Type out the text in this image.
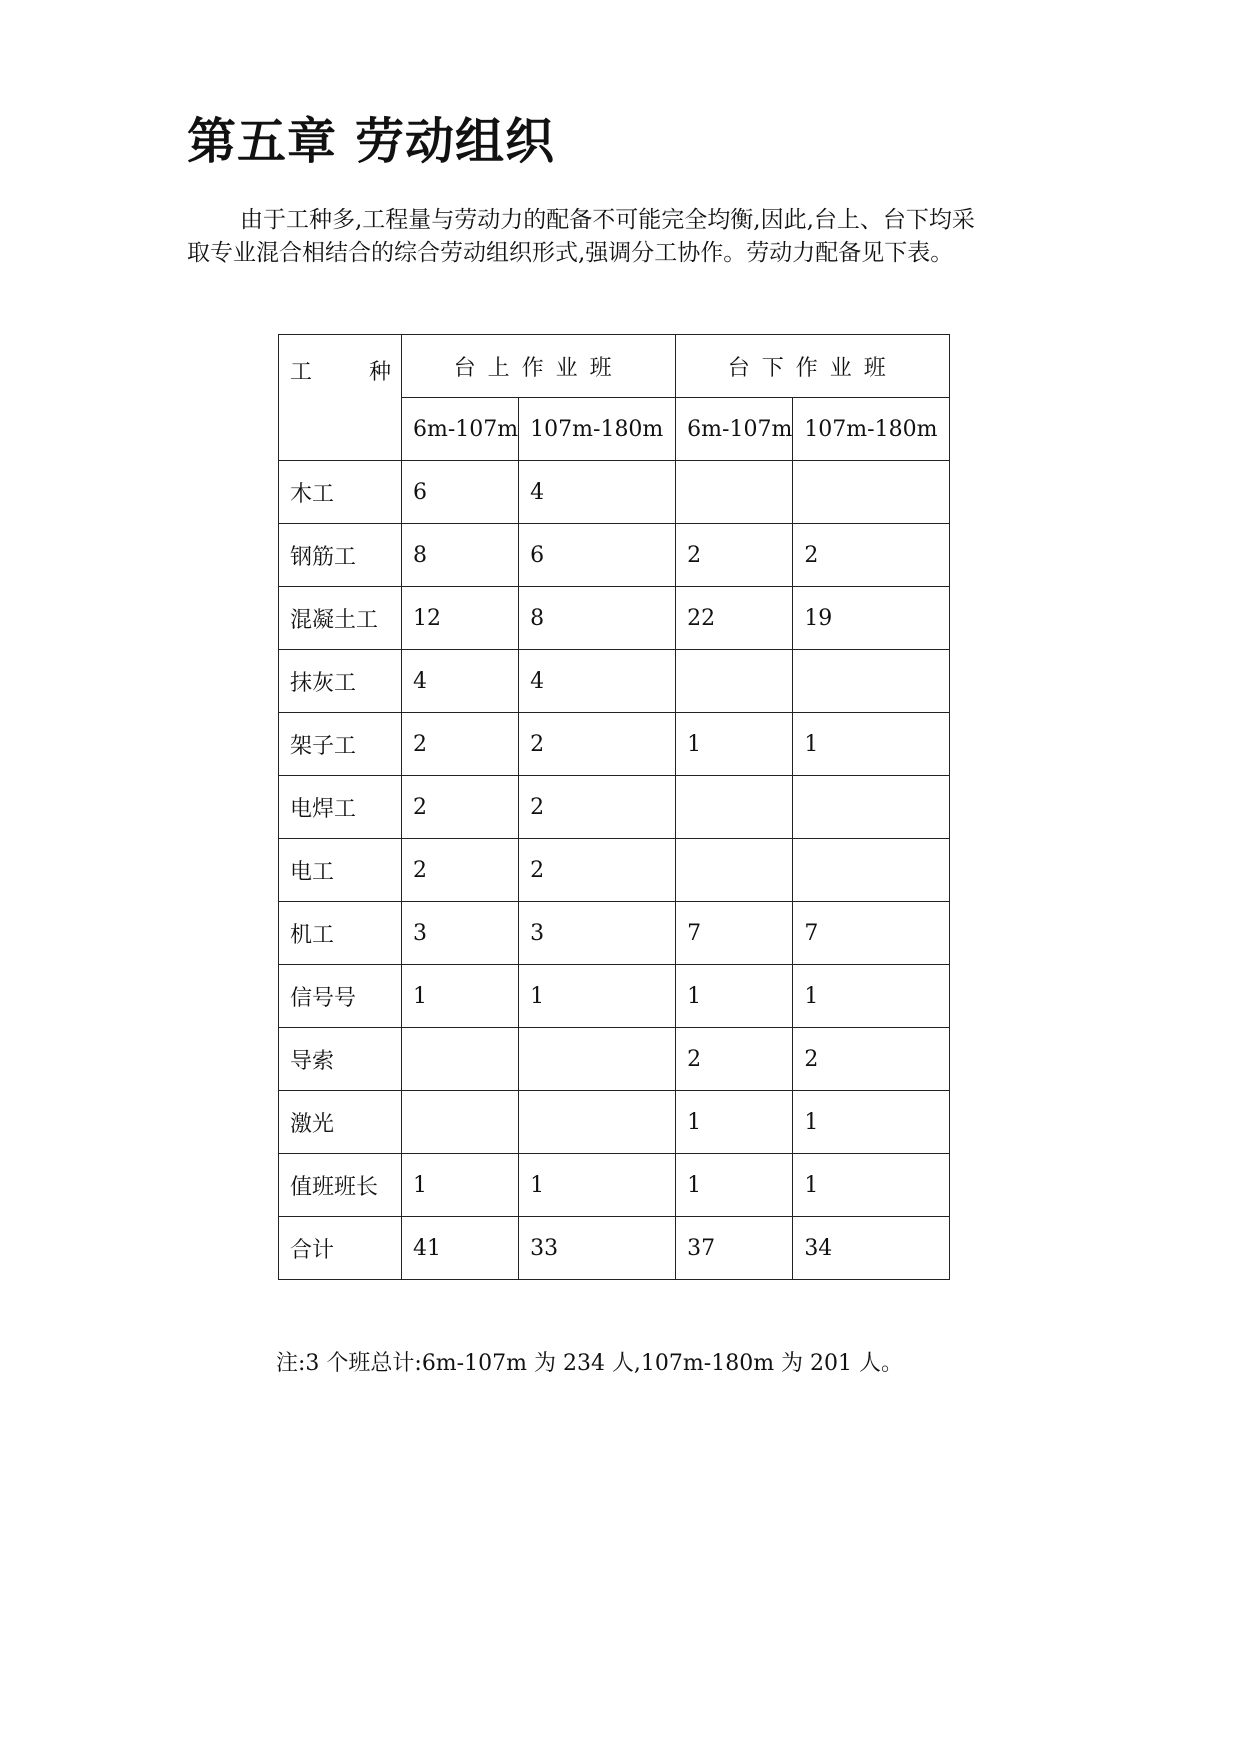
第五章 劳动组织

由于工种多,工程量与劳动力的配备不可能完全均衡,因此,台上、台下均采
取专业混合相结合的综合劳动组织形式,强调分工协作。劳动力配备见下表。

工 种	台上作业班		台下作业班	
	6m-107m	107m-180m	6m-107m	107m-180m
木工	6	4		
钢筋工	8	6	2	2
混凝土工	12	8	22	19
抹灰工	4	4		
架子工	2	2	1	1
电焊工	2	2		
电工	2	2		
机工	3	3	7	7
信号号	1	1	1	1
导索			2	2
激光			1	1
值班班长	1	1	1	1
合计	41	33	37	34

注:3 个班总计:6m-107m 为 234 人,107m-180m 为 201 人。
